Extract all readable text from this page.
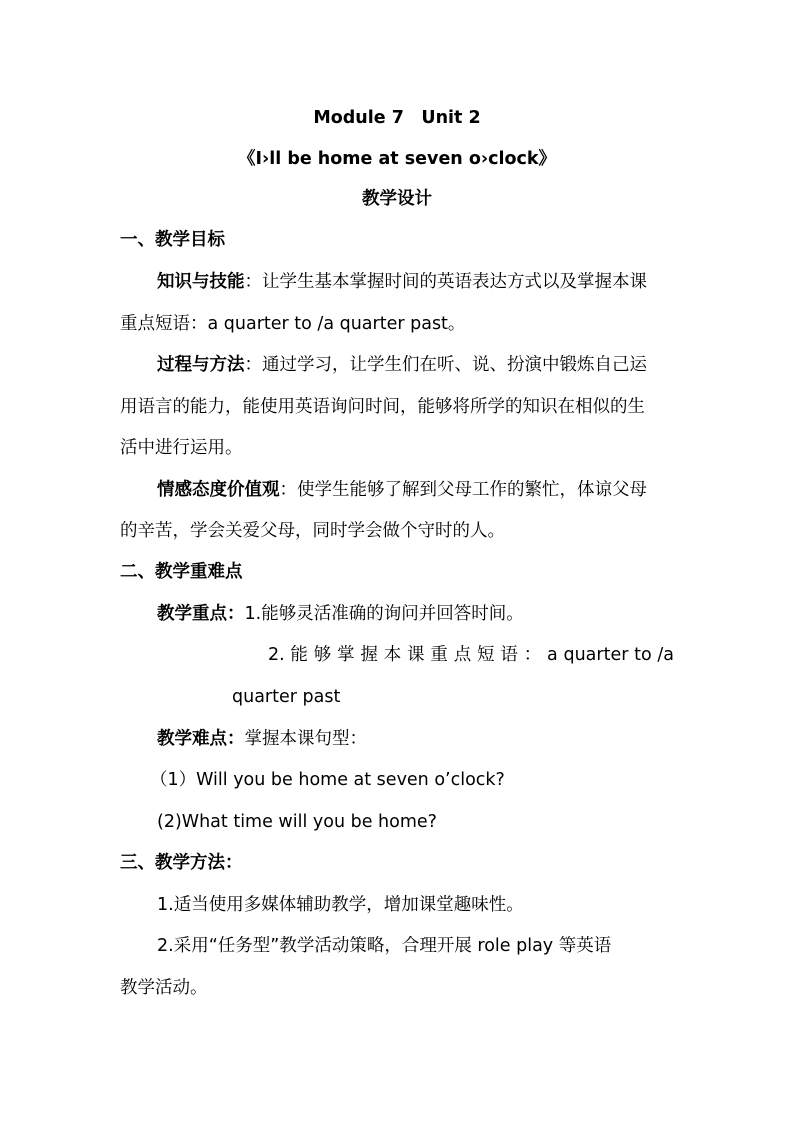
Module 7　Unit 2
《I›ll be home at seven o›clock》
教学设计
一、教学目标
知识与技能：让学生基本掌握时间的英语表达方式以及掌握本课
重点短语：a quarter to /a quarter past。
过程与方法：通过学习，让学生们在听、说、扮演中锻炼自己运
用语言的能力，能使用英语询问时间，能够将所学的知识在相似的生
活中进行运用。
情感态度价值观：使学生能够了解到父母工作的繁忙，体谅父母
的辛苦，学会关爱父母，同时学会做个守时的人。
二、教学重难点
教学重点：1.能够灵活准确的询问并回答时间。
2. 能 够 掌 握 本 课 重 点 短 语 ： a quarter to /a
quarter past
教学难点：掌握本课句型：
（1）Will you be home at seven o’clock?
(2)What time will you be home?
三、教学方法：
1.适当使用多媒体辅助教学，增加课堂趣味性。
2.采用“任务型”教学活动策略，合理开展 role play 等英语
教学活动。
